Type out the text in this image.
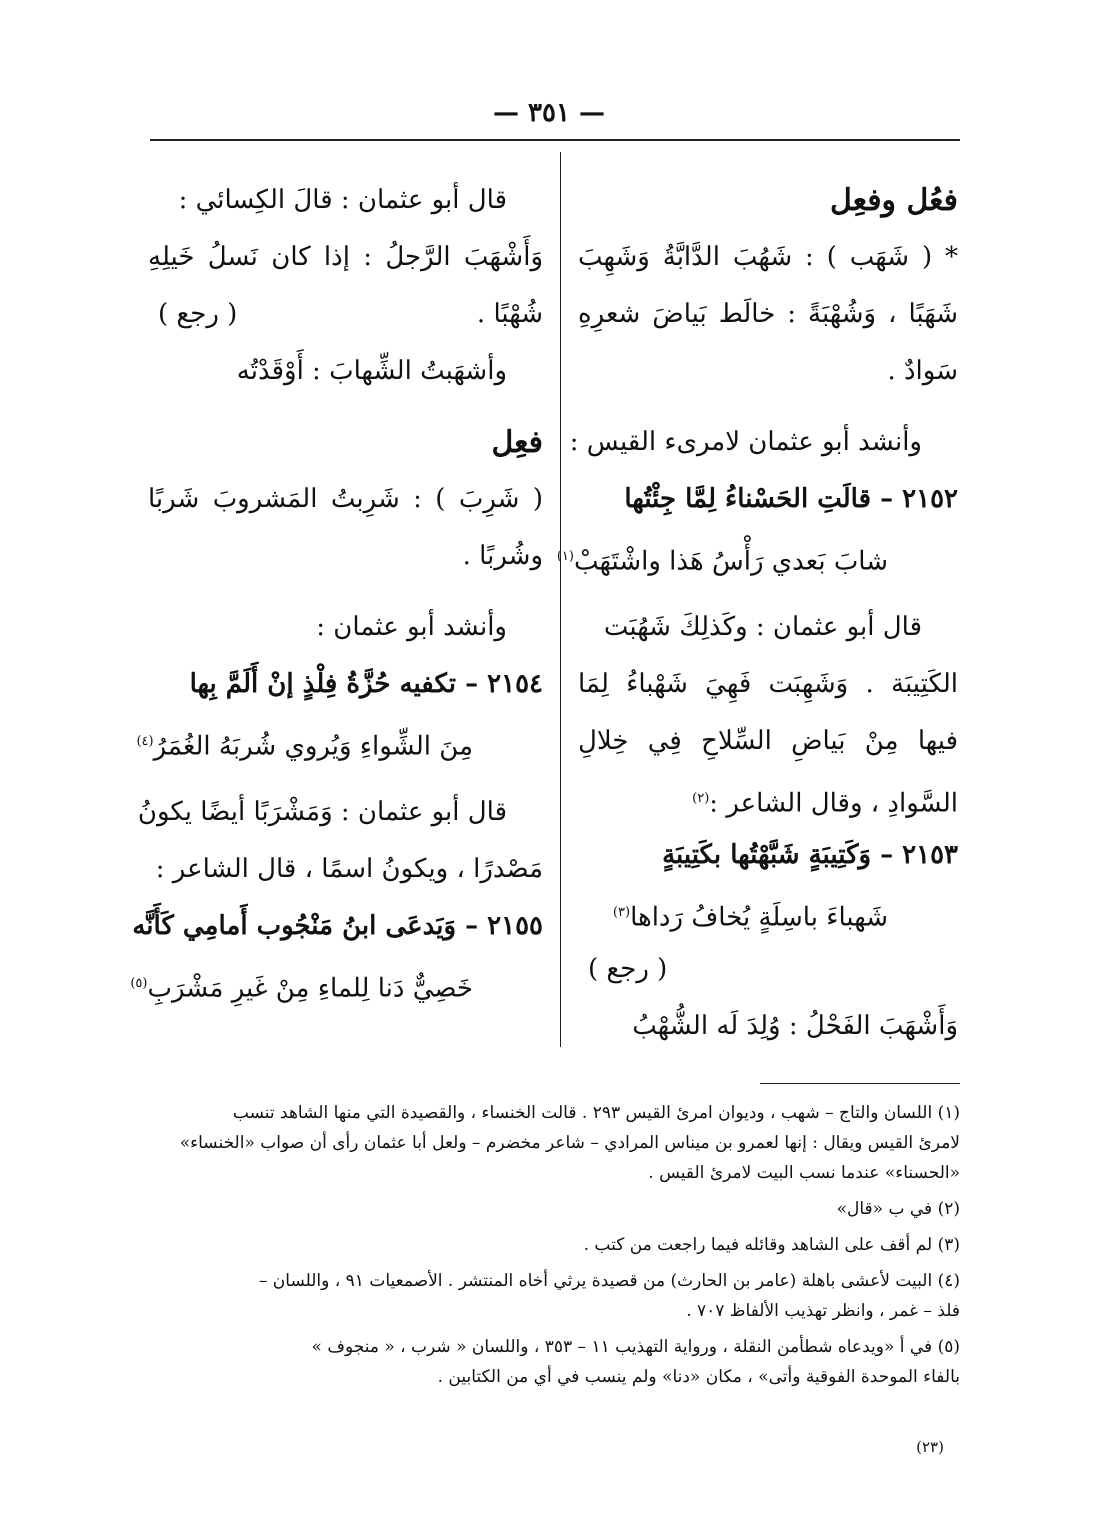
— ٣٥١ —
فعُل وفعِل
* ( شَهَب ) : شَهُبَ الدَّابَّةُ وَشَهِبَ
شَهَبًا ، وَشُهْبَةً : خالَط بَياضَ شعرِهِ
سَوادٌ .
وأنشد أبو عثمان لامرىء القيس :
٢١٥٢ – قالَتِ الحَسْناءُ لِمَّا جِئْتُها
شابَ بَعدي رَأْسُ هَذا واشْتَهَبْ$^{(١)}$
قال أبو عثمان : وكَذلِكَ شَهُبَت
الكَتِيبَة . وَشَهِبَت فَهِيَ شَهْباءُ لِمَا
فيها مِنْ بَياضِ السِّلاحِ فِي خِلالِ
السَّوادِ ، وقال الشاعر :$^{(٢)}$
٢١٥٣ – وَكَتِيبَةٍ شَبَّهْتُها بكَتِيبَةٍ
شَهباءَ باسِلَةٍ يُخافُ رَداها$^{(٣)}$
( رجع )
وَأَشْهَبَ الفَحْلُ : وُلِدَ لَه الشُّهْبُ
قال أبو عثمان : قالَ الكِسائي :
وَأَشْهَبَ الرَّجلُ : إذا كان نَسلُ خَيلِهِ
شُهْبًا .
( رجع )
وأشهَبتُ الشِّهابَ : أَوْقَدْتُه
فعِل
( شَرِبَ ) : شَرِبتُ المَشروبَ شَربًا
وشُربًا .
وأنشد أبو عثمان :
٢١٥٤ – تكفيه حُزَّةُ فِلْذٍ إنْ أَلَمَّ بِها
مِنَ الشِّواءِ وَيُروي شُربَهُ الغُمَرُ$^{(٤)}$
قال أبو عثمان : وَمَشْرَبًا أيضًا يكونُ
مَصْدرًا ، ويكونُ اسمًا ، قال الشاعر :
٢١٥٥ – وَيَدعَى ابنُ مَنْجُوب أَمامِي كَأَنَّه
خَصِيٌّ دَنا لِلماءِ مِنْ غَيرِ مَشْرَبِ$^{(٥)}$
(١) اللسان والتاج – شهب ، وديوان امرئ القيس ٢٩٣ . قالت الخنساء ، والقصيدة التي منها الشاهد تنسب
لامرئ القيس ويقال : إنها لعمرو بن ميناس المرادي – شاعر مخضرم – ولعل أبا عثمان رأى أن صواب «الخنساء»
«الحسناء» عندما نسب البيت لامرئ القيس .
(٢) في ب «قال»
(٣) لم أقف على الشاهد وقائله فيما راجعت من كتب .
(٤) البيت لأعشى باهلة (عامر بن الحارث) من قصيدة يرثي أخاه المنتشر . الأصمعيات ٩١ ، واللسان –
فلذ – غمر ، وانظر تهذيب الألفاظ ٧٠٧ .
(٥) في أ «ويدعاه شطأمن النقلة ، ورواية التهذيب ١١ – ٣٥٣ ، واللسان « شرب ، « منجوف »
بالفاء الموحدة الفوقية وأتى» ، مكان «دنا» ولم ينسب في أي من الكتابين .
(٢٣)
